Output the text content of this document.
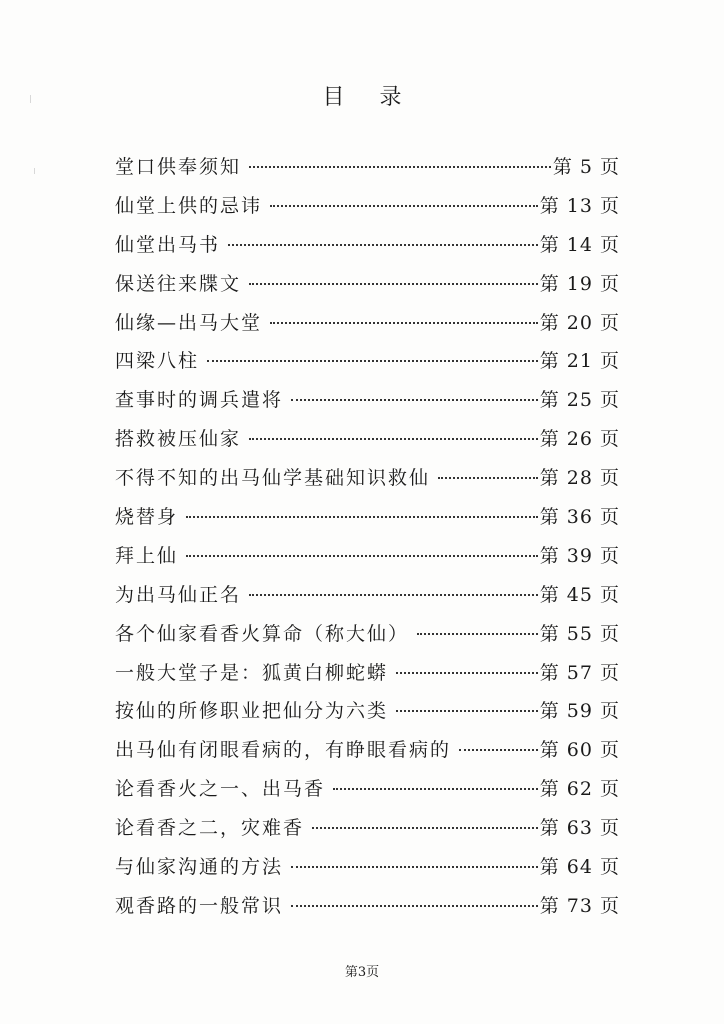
目 录
堂口供奉须知	第 5 页
仙堂上供的忌讳	第 13 页
仙堂出马书	第 14 页
保送往来牒文	第 19 页
仙缘—出马大堂	第 20 页
四梁八柱	第 21 页
查事时的调兵遣将	第 25 页
搭救被压仙家	第 26 页
不得不知的出马仙学基础知识救仙	第 28 页
烧替身	第 36 页
拜上仙	第 39 页
为出马仙正名	第 45 页
各个仙家看香火算命（称大仙）	第 55 页
一般大堂子是：狐黄白柳蛇蟒	第 57 页
按仙的所修职业把仙分为六类	第 59 页
出马仙有闭眼看病的，有睁眼看病的	第 60 页
论看香火之一、出马香	第 62 页
论看香之二，灾难香	第 63 页
与仙家沟通的方法	第 64 页
观香路的一般常识	第 73 页
第3页
